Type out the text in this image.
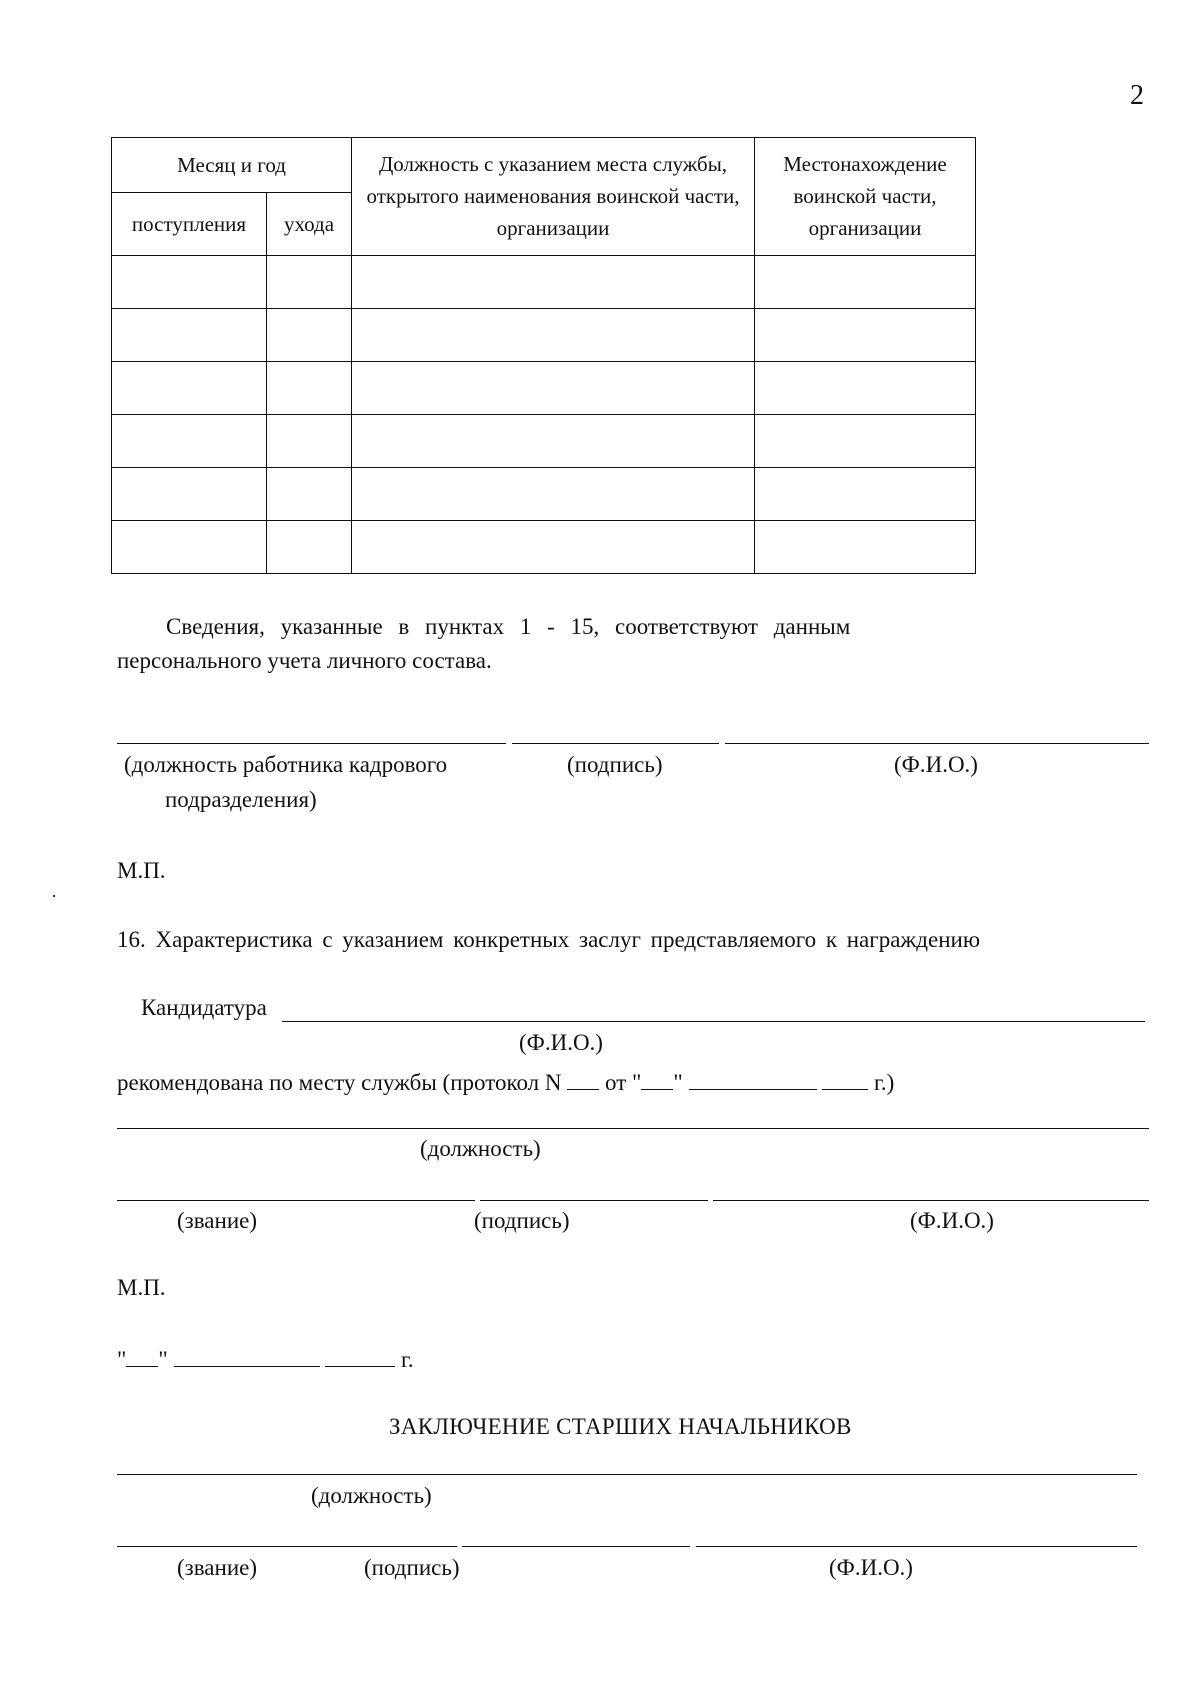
2
Месяц и год		Должность с указанием места службы, открытого наименования воинской части, организации	Местонахождение воинской части, организации
поступления	ухода		

Сведения, указанные в пунктах 1 - 15, соответствуют данным
персонального учета личного состава.
(должность работника кадрового
подразделения)
(подпись)	(Ф.И.О.)
М.П.
16. Характеристика с указанием конкретных заслуг представляемого к награждению
Кандидатура
(Ф.И.О.)
рекомендована по месту службы (протокол N от " "	г.)
(должность)
(звание)	(подпись)	(Ф.И.О.)
М.П.
" "	г.
ЗАКЛЮЧЕНИЕ СТАРШИХ НАЧАЛЬНИКОВ
(должность)
(звание)	(подпись)	(Ф.И.О.)
